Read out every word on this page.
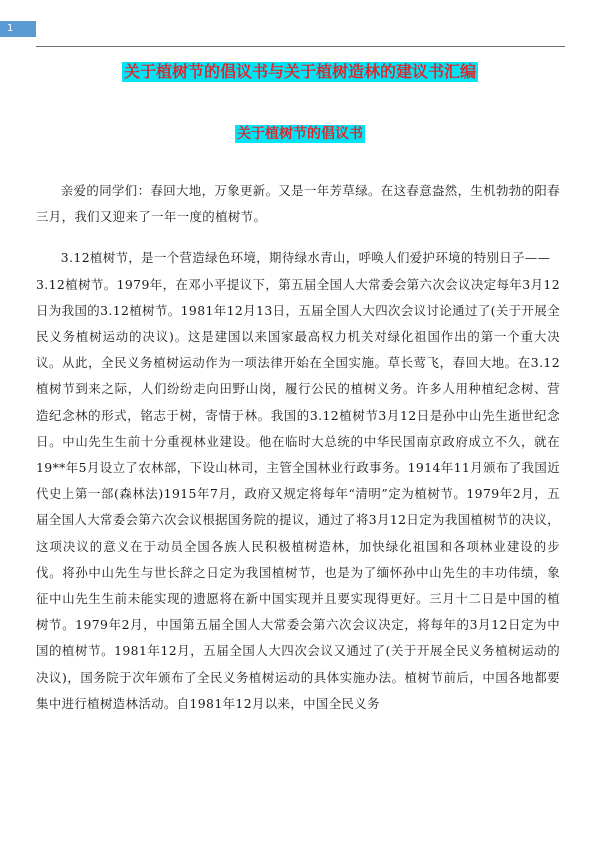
1
关于植树节的倡议书与关于植树造林的建议书汇编
关于植树节的倡议书

亲爱的同学们：春回大地，万象更新。又是一年芳草绿。在这春意盎然，生机勃勃的阳春三月，我们又迎来了一年一度的植树节。

3.12植树节，是一个营造绿色环境，期待绿水青山，呼唤人们爱护环境的特别日子——

3.12植树节。1979年，在邓小平提议下，第五届全国人大常委会第六次会议决定每年3月12日为我国的3.12植树节。1981年12月13日，五届全国人大四次会议讨论通过了(关于开展全民义务植树运动的决议)。这是建国以来国家最高权力机关对绿化祖国作出的第一个重大决议。从此，全民义务植树运动作为一项法律开始在全国实施。草长莺飞，春回大地。在3.12植树节到来之际，人们纷纷走向田野山岗，履行公民的植树义务。许多人用种植纪念树、营造纪念林的形式，铭志于树，寄情于林。我国的3.12植树节3月12日是孙中山先生逝世纪念日。中山先生生前十分重视林业建设。他在临时大总统的中华民国南京政府成立不久，就在19**年5月设立了农林部，下设山林司，主管全国林业行政事务。1914年11月颁布了我国近代史上第一部(森林法)1915年7月，政府又规定将每年“清明”定为植树节。1979年2月，五届全国人大常委会第六次会议根据国务院的提议，通过了将3月12日定为我国植树节的决议，这项决议的意义在于动员全国各族人民积极植树造林，加快绿化祖国和各项林业建设的步伐。将孙中山先生与世长辞之日定为我国植树节，也是为了缅怀孙中山先生的丰功伟绩，象征中山先生生前未能实现的遗愿将在新中国实现并且要实现得更好。三月十二日是中国的植树节。1979年2月，中国第五届全国人大常委会第六次会议决定，将每年的3月12日定为中国的植树节。1981年12月，五届全国人大四次会议又通过了(关于开展全民义务植树运动的决议)，国务院于次年颁布了全民义务植树运动的具体实施办法。植树节前后，中国各地都要集中进行植树造林活动。自1981年12月以来，中国全民义务
